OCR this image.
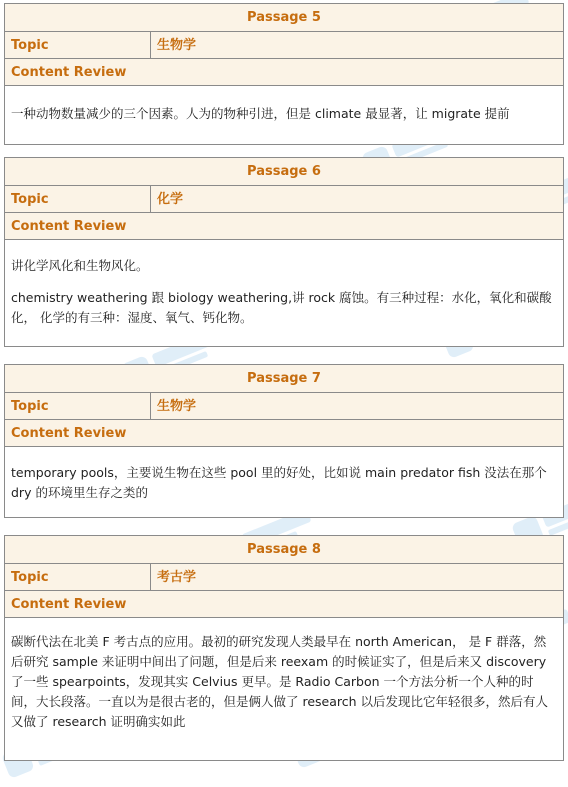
Passage 5
Topic	生物学
Content Review

一种动物数量减少的三个因素。人为的物种引进，但是 climate 最显著，让 migrate 提前

Passage 6
Topic	化学
Content Review

讲化学风化和生物风化。

chemistry weathering 跟 biology weathering,讲 rock 腐蚀。有三种过程：水化，氧化和碳酸化， 化学的有三种：湿度、氧气、钙化物。

Passage 7
Topic	生物学
Content Review

temporary pools，主要说生物在这些 pool 里的好处，比如说 main predator fish 没法在那个 dry 的环境里生存之类的

Passage 8
Topic	考古学
Content Review

碳断代法在北美 F 考古点的应用。最初的研究发现人类最早在 north American， 是 F 群落，然后研究 sample 来证明中间出了问题，但是后来 reexam 的时候证实了，但是后来又 discovery 了一些 spearpoints，发现其实 Celvius 更早。是 Radio Carbon 一个方法分析一个人种的时间，大长段落。一直以为是很古老的，但是俩人做了 research 以后发现比它年轻很多，然后有人又做了 research 证明确实如此
